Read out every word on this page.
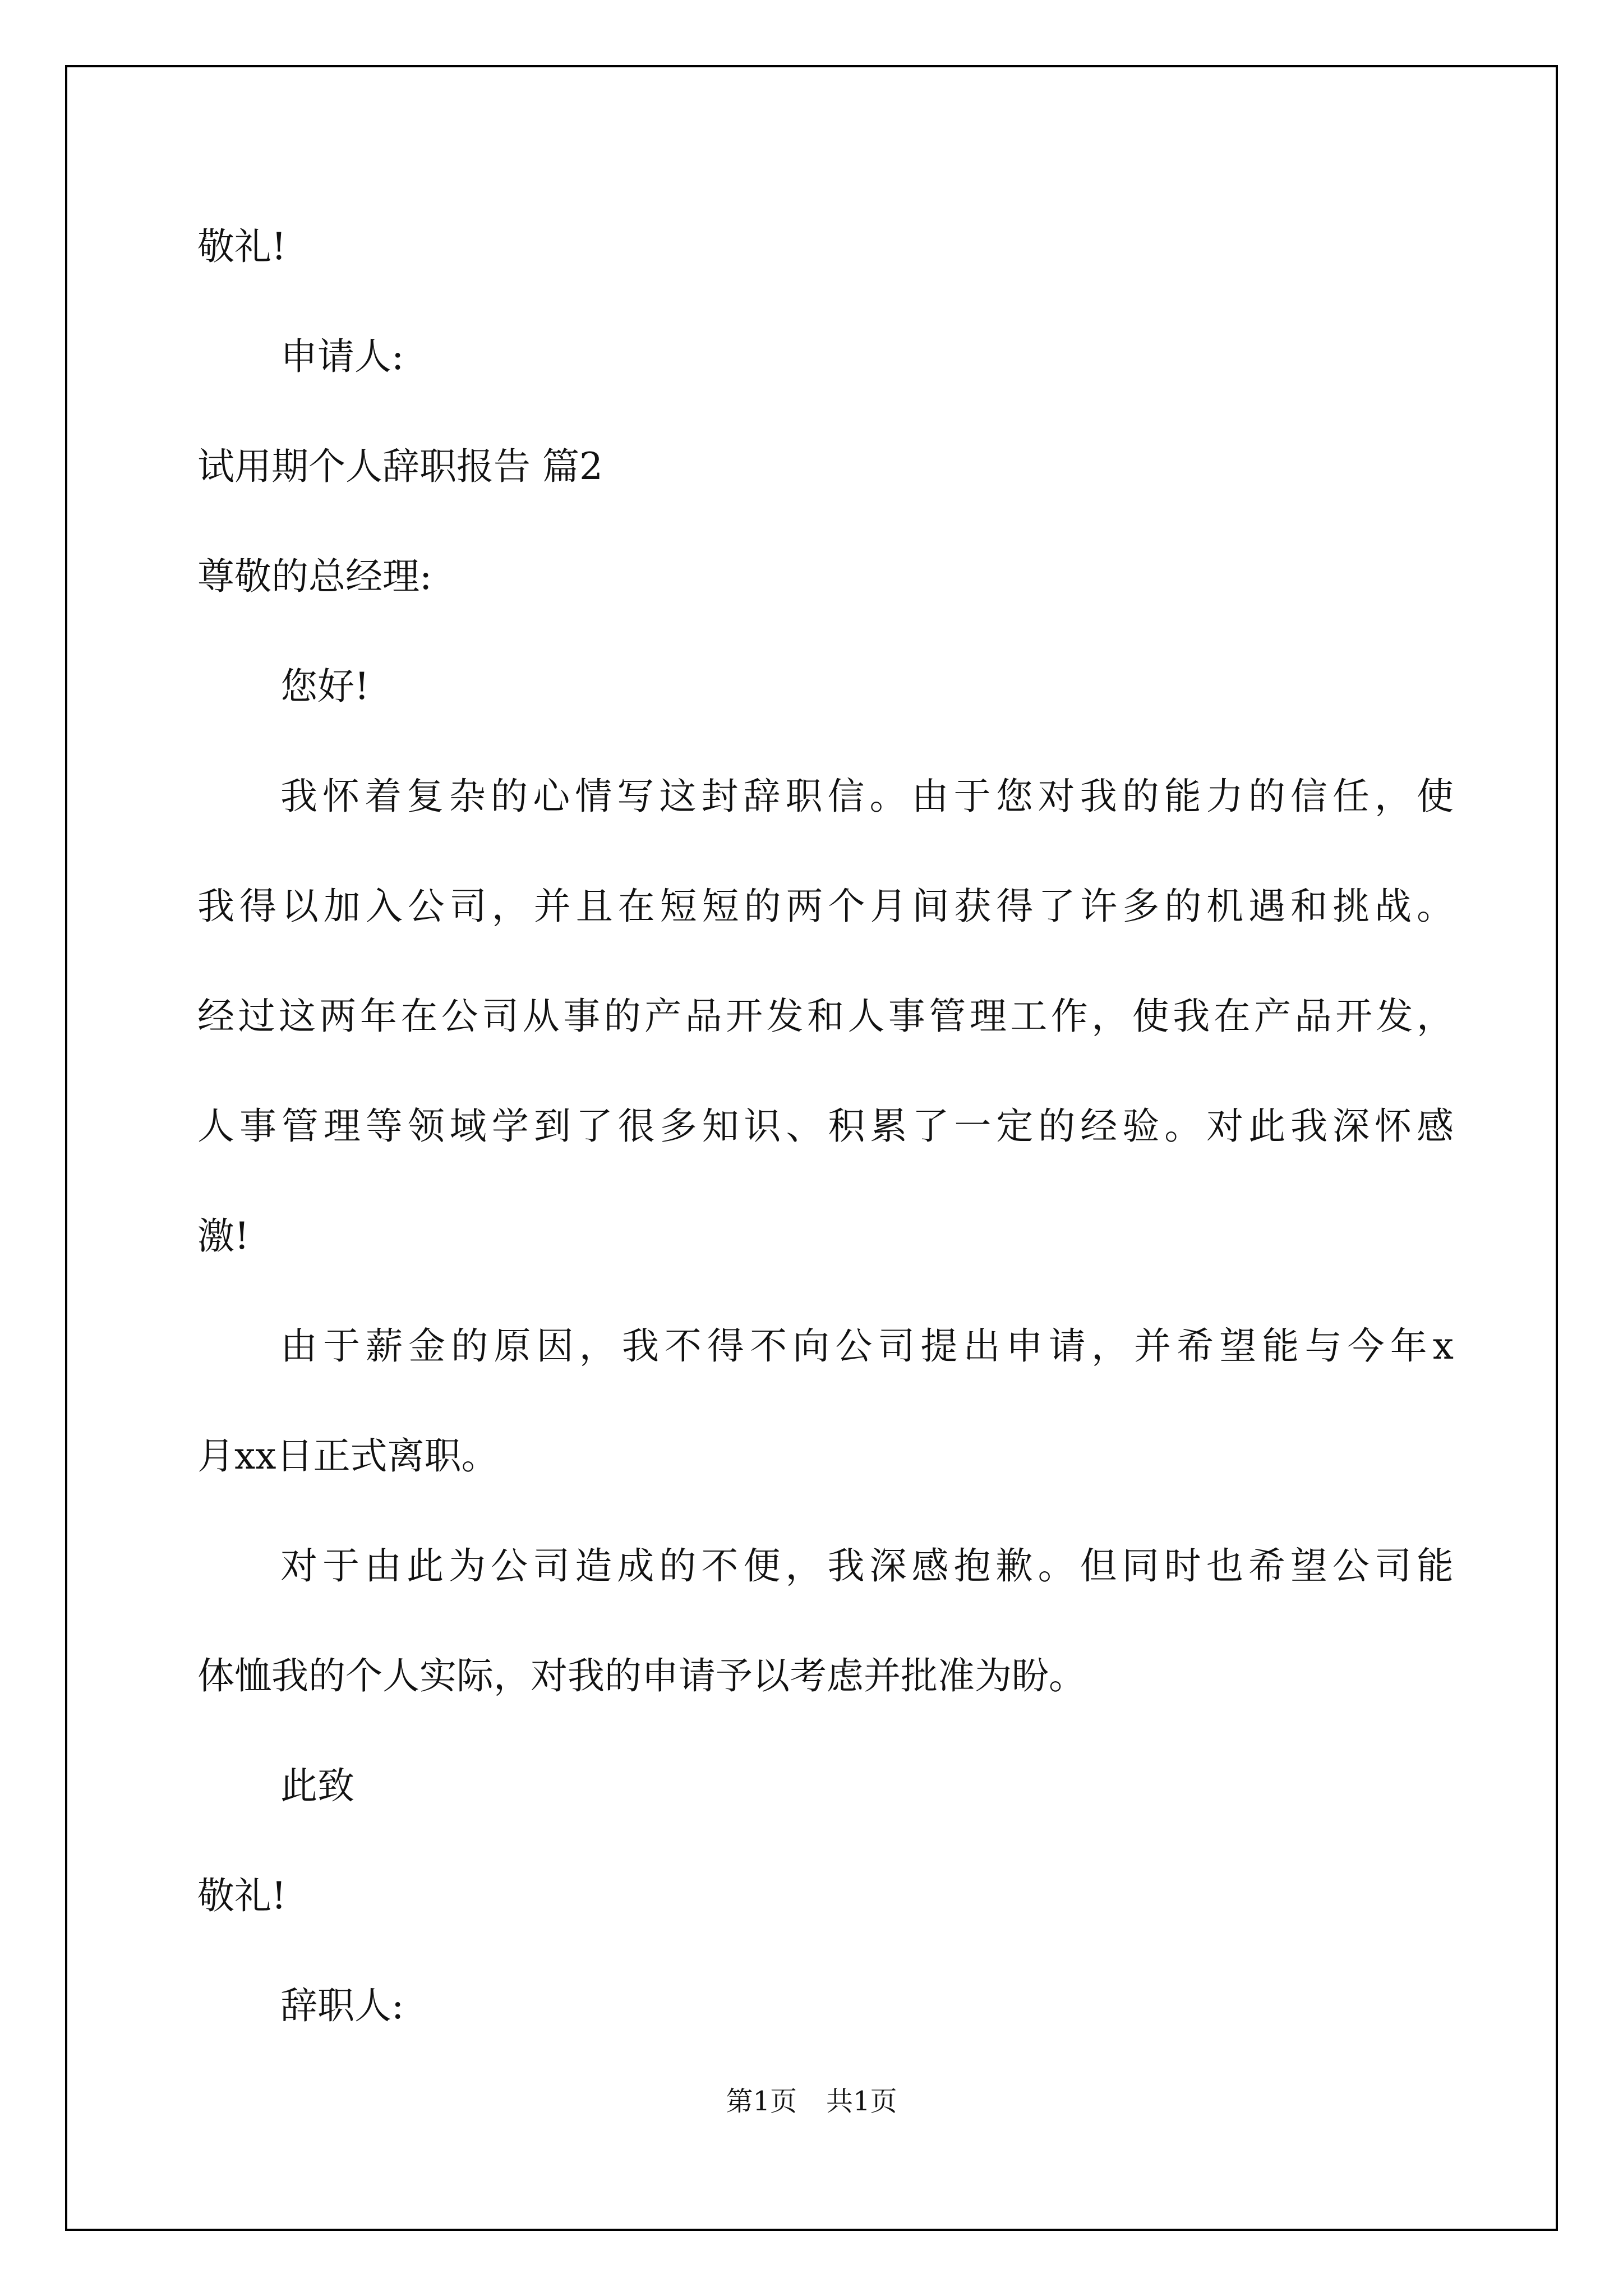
敬礼!
申请人:
试用期个人辞职报告 篇2
尊敬的总经理:
您好!
我怀着复杂的心情写这封辞职信。由于您对我的能力的信任，使
我得以加入公司，并且在短短的两个月间获得了许多的机遇和挑战。
经过这两年在公司从事的产品开发和人事管理工作，使我在产品开发，
人事管理等领域学到了很多知识、积累了一定的经验。对此我深怀感
激!
由于薪金的原因，我不得不向公司提出申请，并希望能与今年x
月xx日正式离职。
对于由此为公司造成的不便，我深感抱歉。但同时也希望公司能
体恤我的个人实际，对我的申请予以考虑并批准为盼。
此致
敬礼!
辞职人:
第1页 共1页
